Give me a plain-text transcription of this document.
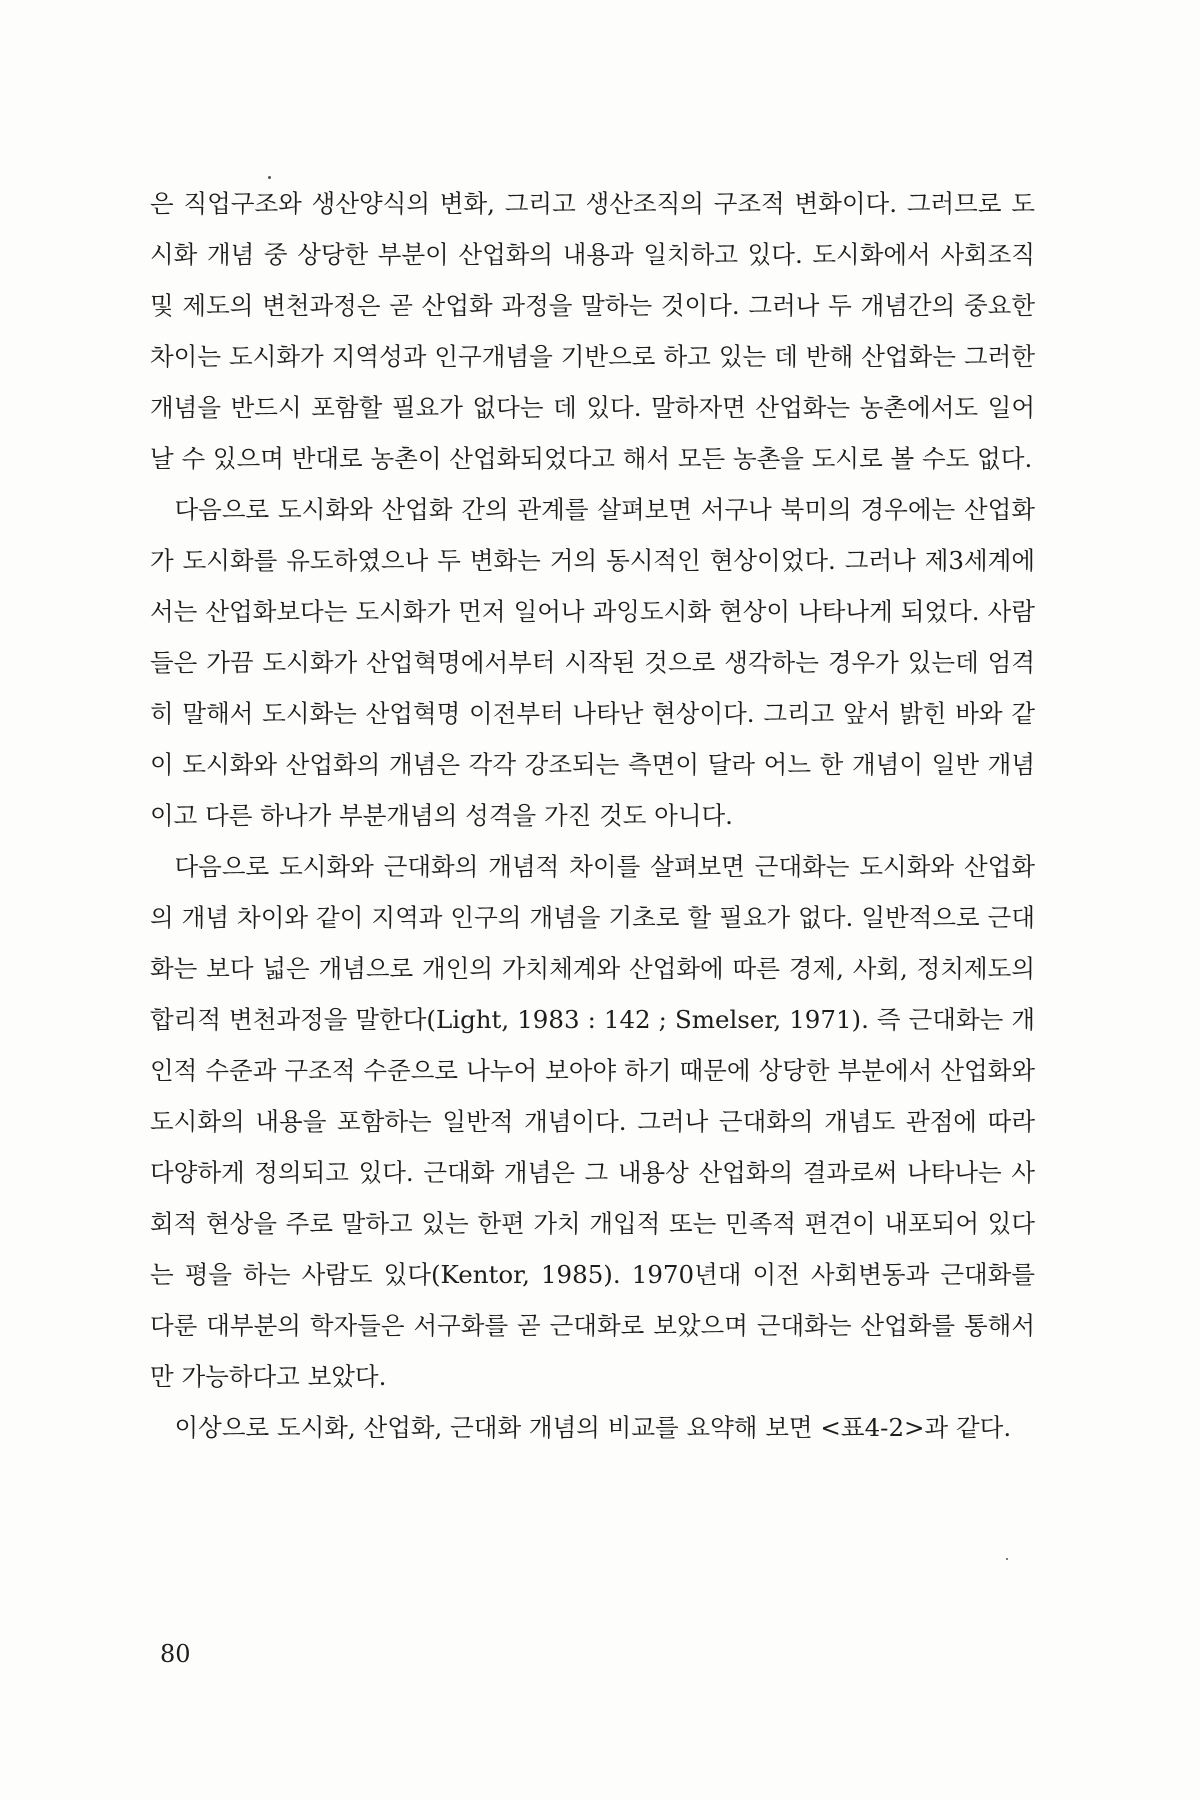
은 직업구조와 생산양식의 변화, 그리고 생산조직의 구조적 변화이다. 그러므로 도시화 개념 중 상당한 부분이 산업화의 내용과 일치하고 있다. 도시화에서 사회조직 및 제도의 변천과정은 곧 산업화 과정을 말하는 것이다. 그러나 두 개념간의 중요한 차이는 도시화가 지역성과 인구개념을 기반으로 하고 있는 데 반해 산업화는 그러한 개념을 반드시 포함할 필요가 없다는 데 있다. 말하자면 산업화는 농촌에서도 일어날 수 있으며 반대로 농촌이 산업화되었다고 해서 모든 농촌을 도시로 볼 수도 없다.

다음으로 도시화와 산업화 간의 관계를 살펴보면 서구나 북미의 경우에는 산업화가 도시화를 유도하였으나 두 변화는 거의 동시적인 현상이었다. 그러나 제3세계에서는 산업화보다는 도시화가 먼저 일어나 과잉도시화 현상이 나타나게 되었다. 사람들은 가끔 도시화가 산업혁명에서부터 시작된 것으로 생각하는 경우가 있는데 엄격히 말해서 도시화는 산업혁명 이전부터 나타난 현상이다. 그리고 앞서 밝힌 바와 같이 도시화와 산업화의 개념은 각각 강조되는 측면이 달라 어느 한 개념이 일반 개념이고 다른 하나가 부분개념의 성격을 가진 것도 아니다.

다음으로 도시화와 근대화의 개념적 차이를 살펴보면 근대화는 도시화와 산업화의 개념 차이와 같이 지역과 인구의 개념을 기초로 할 필요가 없다. 일반적으로 근대화는 보다 넓은 개념으로 개인의 가치체계와 산업화에 따른 경제, 사회, 정치제도의 합리적 변천과정을 말한다(Light, 1983 : 142 ; Smelser, 1971). 즉 근대화는 개인적 수준과 구조적 수준으로 나누어 보아야 하기 때문에 상당한 부분에서 산업화와 도시화의 내용을 포함하는 일반적 개념이다. 그러나 근대화의 개념도 관점에 따라 다양하게 정의되고 있다. 근대화 개념은 그 내용상 산업화의 결과로써 나타나는 사회적 현상을 주로 말하고 있는 한편 가치 개입적 또는 민족적 편견이 내포되어 있다는 평을 하는 사람도 있다(Kentor, 1985). 1970년대 이전 사회변동과 근대화를 다룬 대부분의 학자들은 서구화를 곧 근대화로 보았으며 근대화는 산업화를 통해서만 가능하다고 보았다.

이상으로 도시화, 산업화, 근대화 개념의 비교를 요약해 보면 <표4-2>과 같다.

80
